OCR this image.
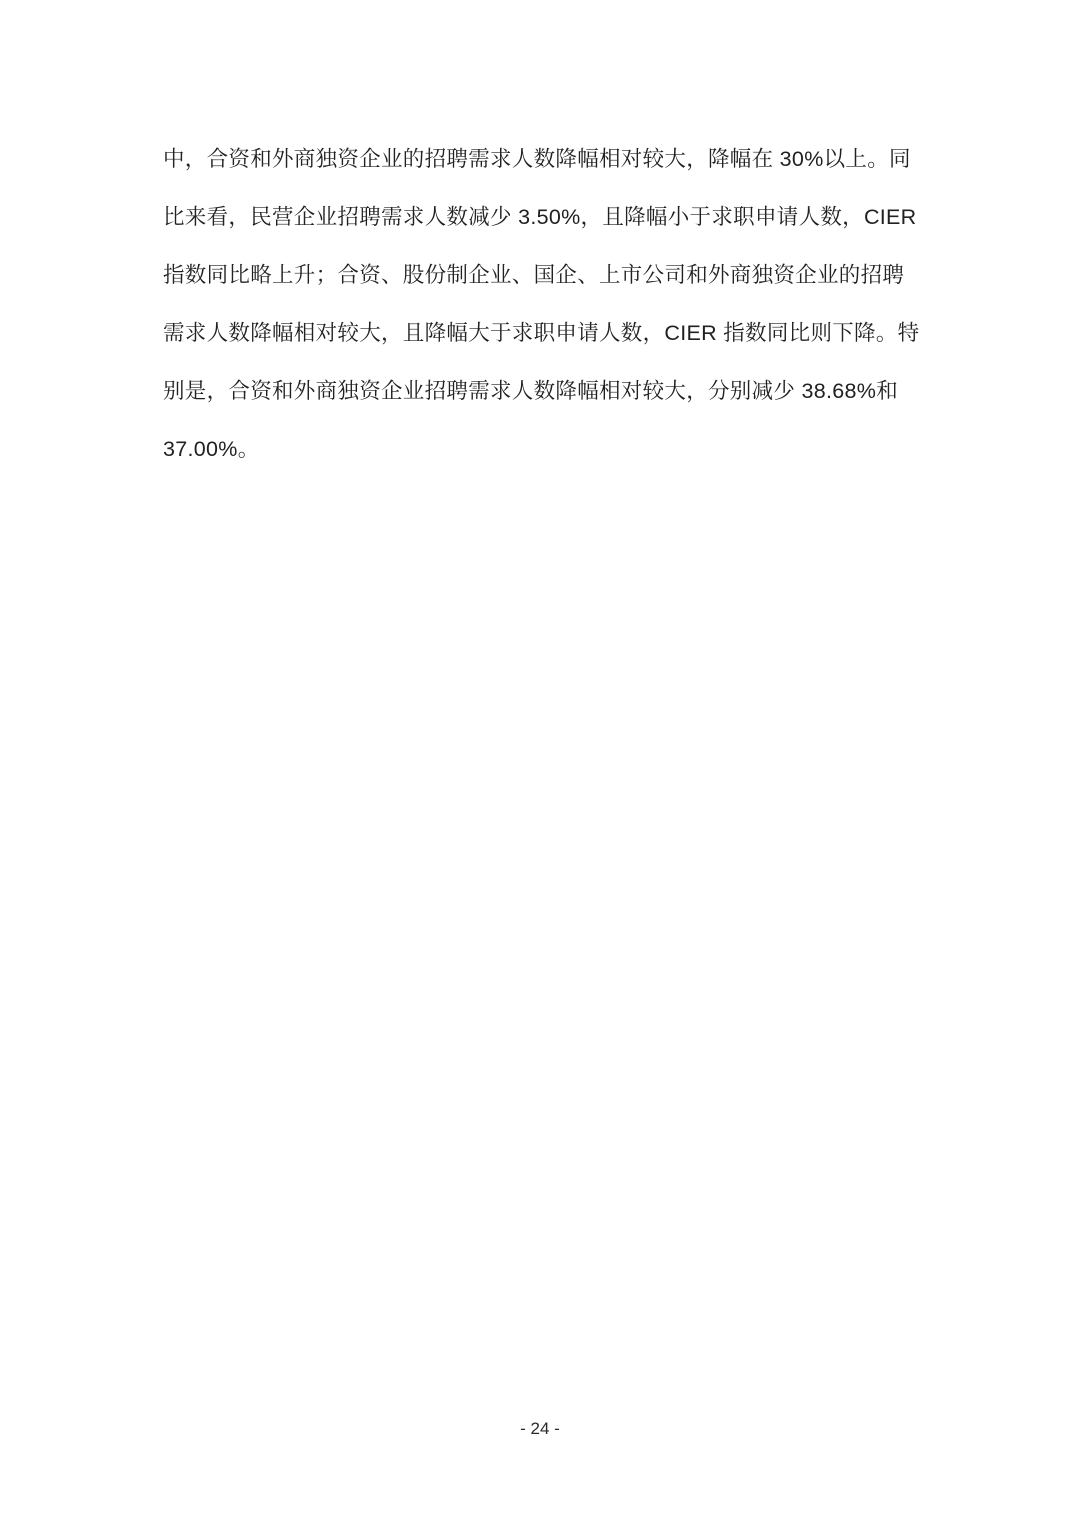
中，合资和外商独资企业的招聘需求人数降幅相对较大，降幅在 30%以上。同
比来看，民营企业招聘需求人数减少 3.50%，且降幅小于求职申请人数，CIER
指数同比略上升；合资、股份制企业、国企、上市公司和外商独资企业的招聘
需求人数降幅相对较大，且降幅大于求职申请人数，CIER 指数同比则下降。特
别是，合资和外商独资企业招聘需求人数降幅相对较大，分别减少 38.68%和
37.00%。
- 24 -
